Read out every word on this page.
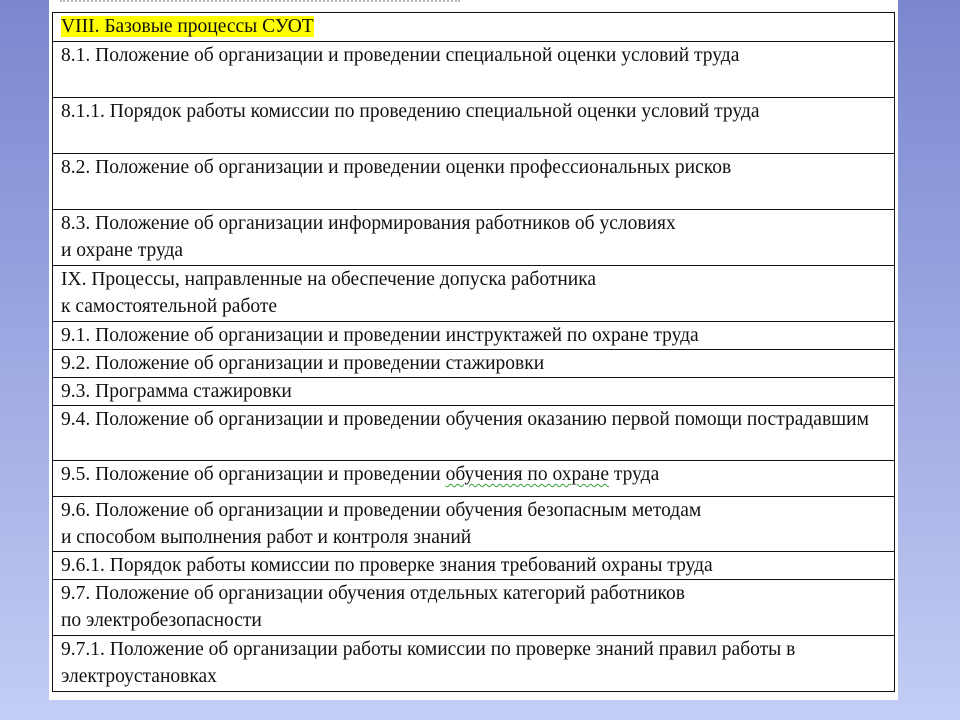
VIII. Базовые процессы СУОТ
8.1. Положение об организации и проведении специальной оценки условий труда
8.1.1. Порядок работы комиссии по проведению специальной оценки условий труда
8.2. Положение об организации и проведении оценки профессиональных рисков
8.3. Положение об организации информирования работников об условиях
и охране труда
IX. Процессы, направленные на обеспечение допуска работника
к самостоятельной работе
9.1. Положение об организации и проведении инструктажей по охране труда
9.2. Положение об организации и проведении стажировки
9.3. Программа стажировки
9.4. Положение об организации и проведении обучения оказанию первой помощи пострадавшим
9.5. Положение об организации и проведении обучения по охране труда
9.6. Положение об организации и проведении обучения безопасным методам
и способом выполнения работ и контроля знаний
9.6.1. Порядок работы комиссии по проверке знания требований охраны труда
9.7. Положение об организации обучения отдельных категорий работников
по электробезопасности
9.7.1. Положение об организации работы комиссии по проверке знаний правил работы в электроустановках
